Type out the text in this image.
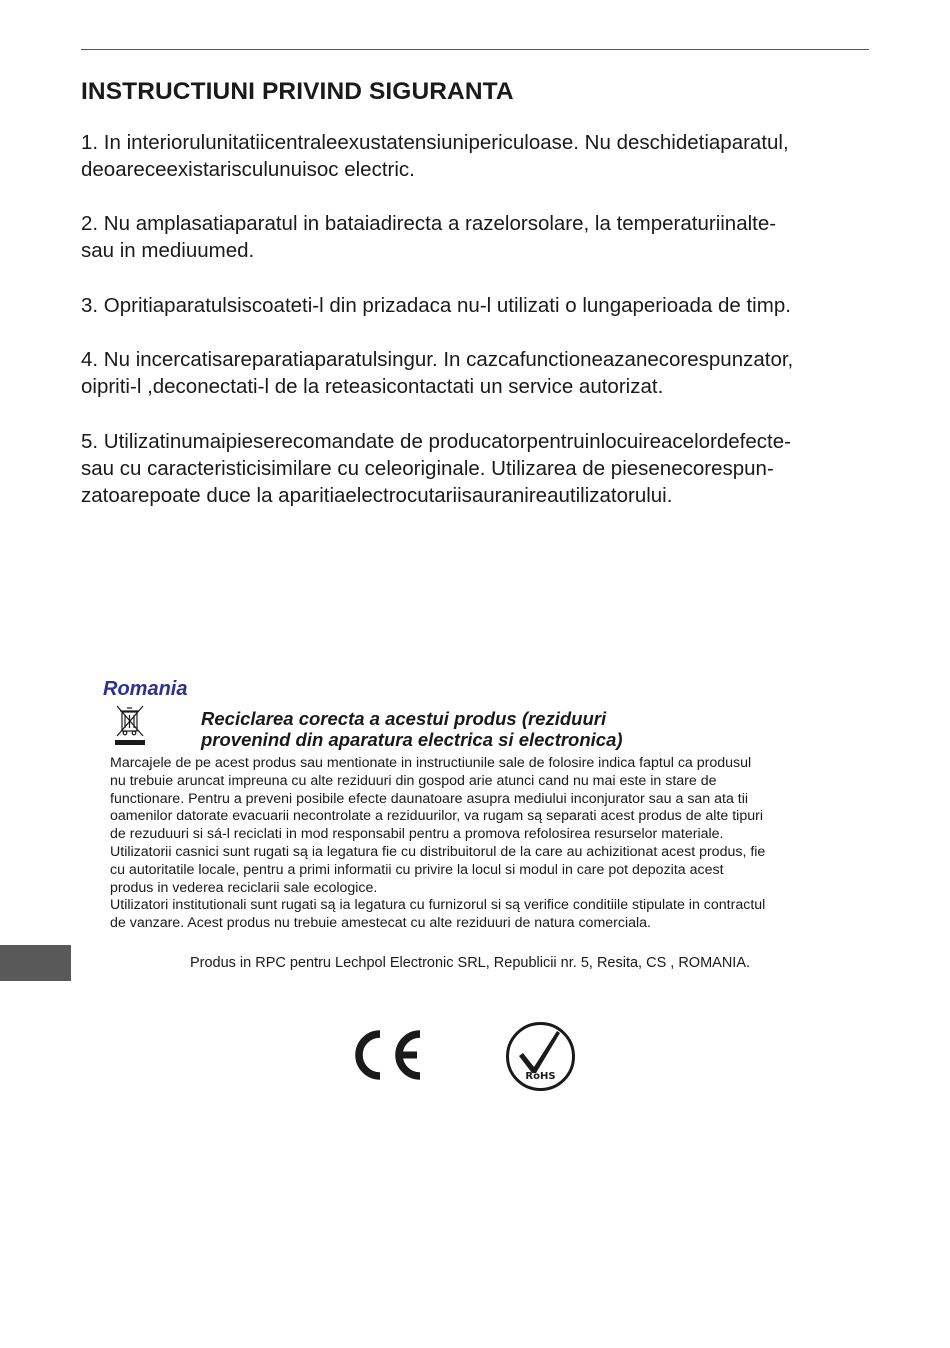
INSTRUCTIUNI PRIVIND SIGURANTA
1. In interiorulunitatiicentraleexustatensiunipericuloase. Nu deschidetiaparatul,
deoareceexistarisculunuisoc electric.
2. Nu amplasatiaparatul in bataiadirecta a razelorsolare, la temperaturiinalte-
sau in mediuumed.
3. Opritiaparatulsiscoateti-l din prizadaca nu-l utilizati o lungaperioada de timp.
4. Nu incercatisareparatiaparatulsingur. In cazcafunctioneazanecorespunzator,
oipriti-l ,deconectati-l de la reteasicontactati un service autorizat.
5. Utilizatinumaipieserecomandate de producatorpentruinlocuireacelordefecte-
sau cu caracteristicisimilare cu celeoriginale. Utilizarea de piesenecorespun-
zatoarepoate duce la aparitiaelectrocutariisauranireautilizatorului.
Romania
Reciclarea corecta a acestui produs (reziduuri
provenind din aparatura electrica si electronica)
Marcajele de pe acest produs sau mentionate in instructiunile sale de folosire indica faptul ca produsul
nu trebuie aruncat impreuna cu alte reziduuri din gospod arie atunci cand nu mai este in stare de
functionare. Pentru a preveni posibile efecte daunatoare asupra mediului inconjurator sau a san ata tii
oamenilor datorate evacuarii necontrolate a reziduurilor, va rugam są separati acest produs de alte tipuri
de rezuduuri si sá-l reciclati in mod responsabil pentru a promova refolosirea resurselor materiale.
Utilizatorii casnici sunt rugati są ia legatura fie cu distribuitorul de la care au achizitionat acest produs, fie
cu autoritatile locale, pentru a primi informatii cu privire la locul si modul in care pot depozita acest
produs in vederea reciclarii sale ecologice.
Utilizatori institutionali sunt rugati są ia legatura cu furnizorul si są verifice conditiile stipulate in contractul
de vanzare. Acest produs nu trebuie amestecat cu alte reziduuri de natura comerciala.
Produs in RPC pentru Lechpol Electronic SRL, Republicii nr. 5, Resita, CS , ROMANIA.
RoHS
